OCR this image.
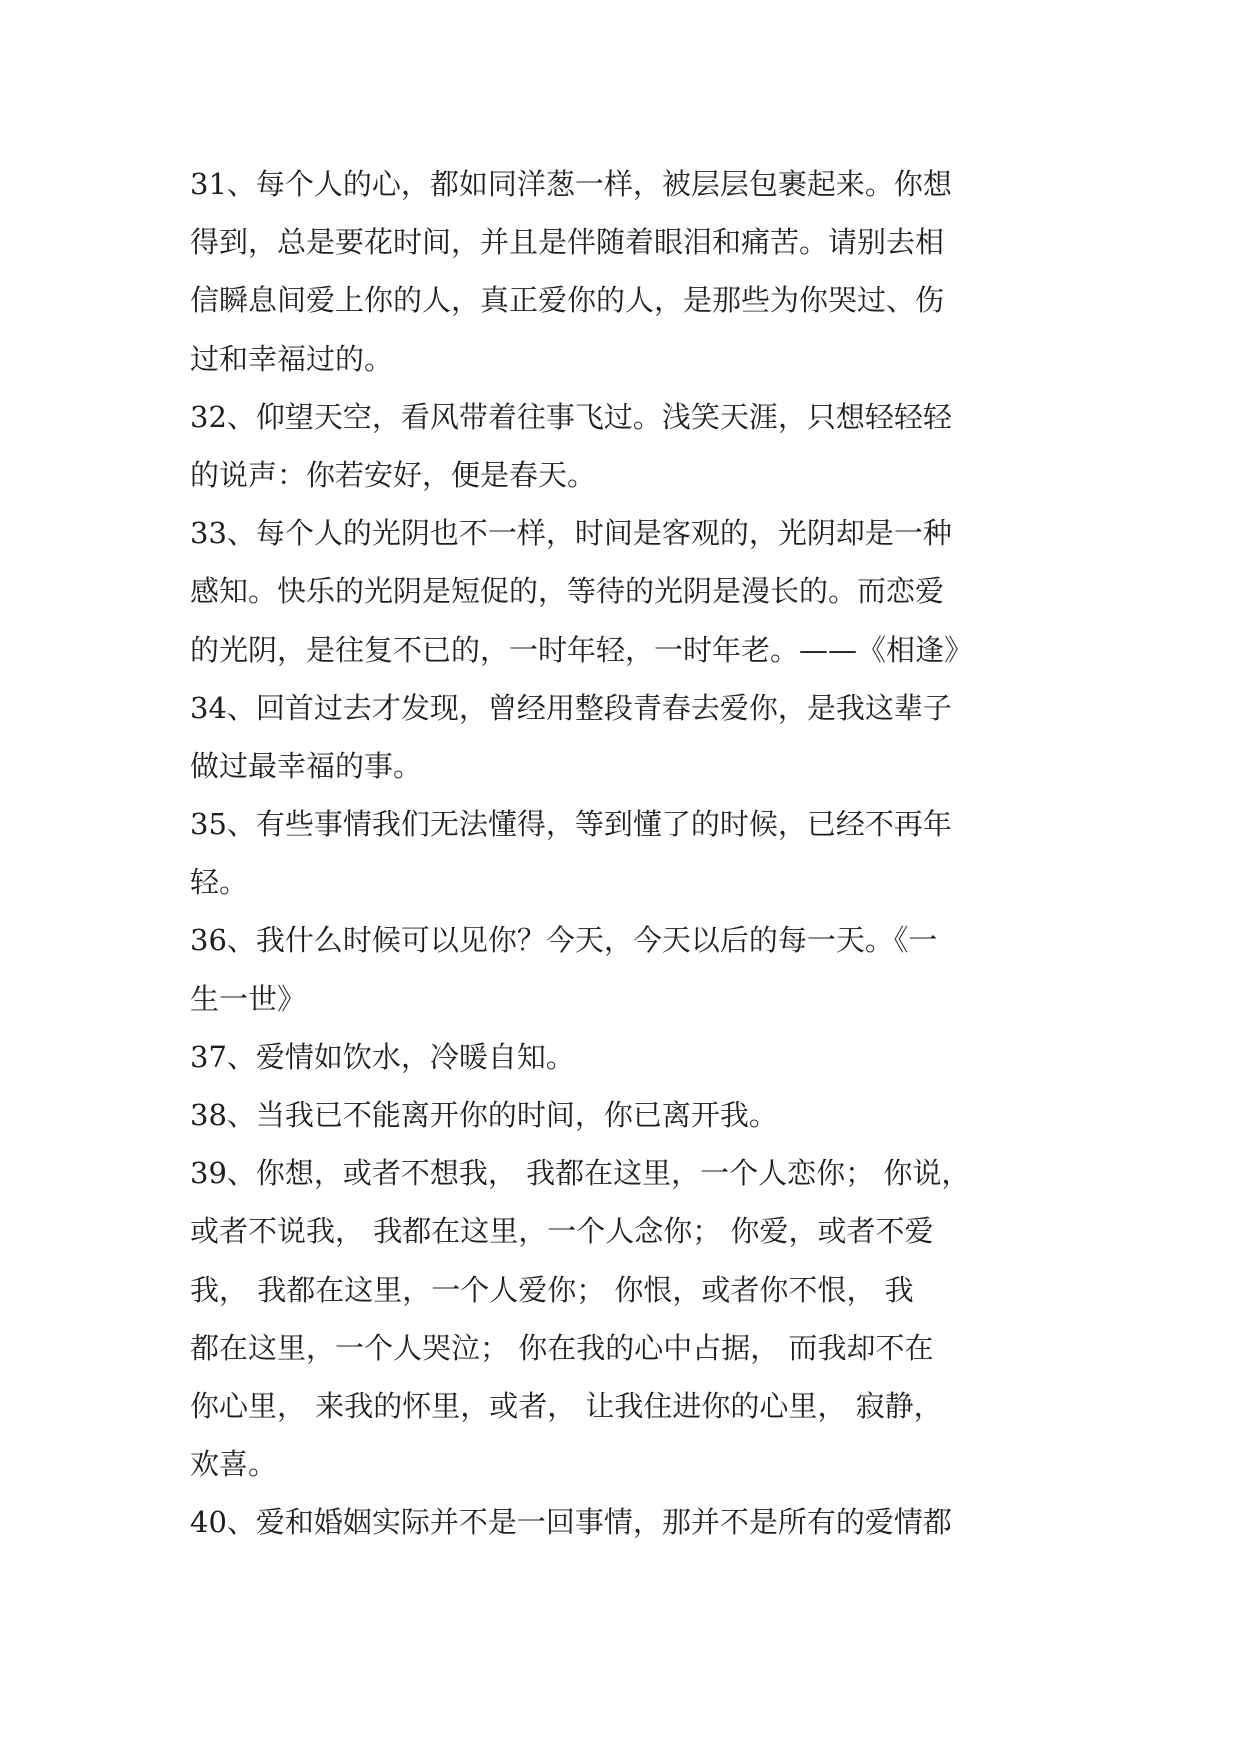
31、每个人的心，都如同洋葱一样，被层层包裹起来。你想
得到，总是要花时间，并且是伴随着眼泪和痛苦。请别去相
信瞬息间爱上你的人，真正爱你的人，是那些为你哭过、伤
过和幸福过的。
32、仰望天空，看风带着往事飞过。浅笑天涯，只想轻轻轻
的说声：你若安好，便是春天。
33、每个人的光阴也不一样，时间是客观的，光阴却是一种
感知。快乐的光阴是短促的，等待的光阴是漫长的。而恋爱
的光阴，是往复不已的，一时年轻，一时年老。——《相逢》
34、回首过去才发现，曾经用整段青春去爱你，是我这辈子
做过最幸福的事。
35、有些事情我们无法懂得，等到懂了的时候，已经不再年
轻。
36、我什么时候可以见你？今天，今天以后的每一天。《一
生一世》
37、爱情如饮水，冷暖自知。
38、当我已不能离开你的时间，你已离开我。
39、你想，或者不想我， 我都在这里，一个人恋你； 你说，
或者不说我， 我都在这里，一个人念你； 你爱，或者不爱
我， 我都在这里，一个人爱你； 你恨，或者你不恨， 我
都在这里，一个人哭泣； 你在我的心中占据， 而我却不在
你心里， 来我的怀里，或者， 让我住进你的心里， 寂静，
欢喜。
40、爱和婚姻实际并不是一回事情，那并不是所有的爱情都
